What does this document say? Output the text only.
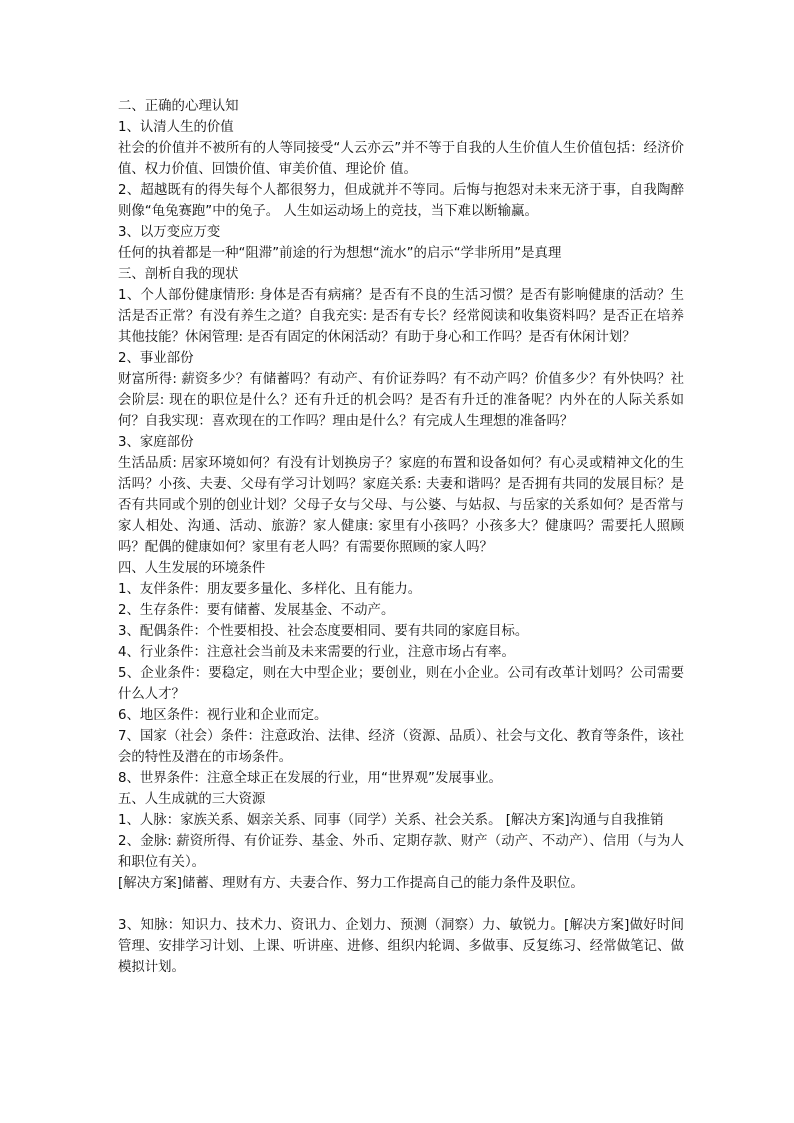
二、正确的心理认知

1、认清人生的价值

社会的价值并不被所有的人等同接受“人云亦云”并不等于自我的人生价值人生价值包括：经济价值、权力价值、回馈价值、审美价值、理论价 值。

2、超越既有的得失每个人都很努力，但成就并不等同。后悔与抱怨对未来无济于事，自我陶醉则像“龟兔赛跑”中的兔子。 人生如运动场上的竞技，当下难以断输赢。

3、以万变应万变

任何的执着都是一种“阻滞”前途的行为想想“流水”的启示“学非所用”是真理

三、剖析自我的现状

1、个人部份健康情形: 身体是否有病痛？是否有不良的生活习惯？是否有影响健康的活动？生活是否正常？有没有养生之道？自我充实: 是否有专长？经常阅读和收集资料吗？是否正在培养其他技能？休闲管理: 是否有固定的休闲活动？有助于身心和工作吗？是否有休闲计划？

2、事业部份

财富所得: 薪资多少？有储蓄吗？有动产、有价证券吗？有不动产吗？价值多少？有外快吗？社会阶层: 现在的职位是什么？还有升迁的机会吗？是否有升迁的准备呢？内外在的人际关系如何？自我实现：喜欢现在的工作吗？理由是什么？有完成人生理想的准备吗？

3、家庭部份

生活品质: 居家环境如何？有没有计划换房子？家庭的布置和设备如何？有心灵或精神文化的生活吗？小孩、夫妻、父母有学习计划吗？家庭关系: 夫妻和谐吗？是否拥有共同的发展目标？是否有共同或个别的创业计划？父母子女与父母、与公婆、与姑叔、与岳家的关系如何？是否常与家人相处、沟通、活动、旅游？家人健康: 家里有小孩吗？小孩多大？健康吗？需要托人照顾吗？配偶的健康如何？家里有老人吗？有需要你照顾的家人吗？

四、人生发展的环境条件

1、友伴条件：朋友要多量化、多样化、且有能力。

2、生存条件：要有储蓄、发展基金、不动产。

3、配偶条件：个性要相投、社会态度要相同、要有共同的家庭目标。

4、行业条件：注意社会当前及未来需要的行业，注意市场占有率。

5、企业条件：要稳定，则在大中型企业；要创业，则在小企业。公司有改革计划吗？公司需要什么人才？

6、地区条件：视行业和企业而定。

7、国家（社会）条件：注意政治、法律、经济（资源、品质）、社会与文化、教育等条件，该社会的特性及潜在的市场条件。

8、世界条件：注意全球正在发展的行业，用“世界观”发展事业。

五、人生成就的三大资源

1、人脉：家族关系、姻亲关系、同事（同学）关系、社会关系。 [解决方案]沟通与自我推销

2、金脉: 薪资所得、有价证券、基金、外币、定期存款、财产（动产、不动产）、信用（与为人和职位有关）。

[解决方案]储蓄、理财有方、夫妻合作、努力工作提高自己的能力条件及职位。

3、知脉：知识力、技术力、资讯力、企划力、预测（洞察）力、敏锐力。[解决方案]做好时间管理、安排学习计划、上课、听讲座、进修、组织内轮调、多做事、反复练习、经常做笔记、做模拟计划。
